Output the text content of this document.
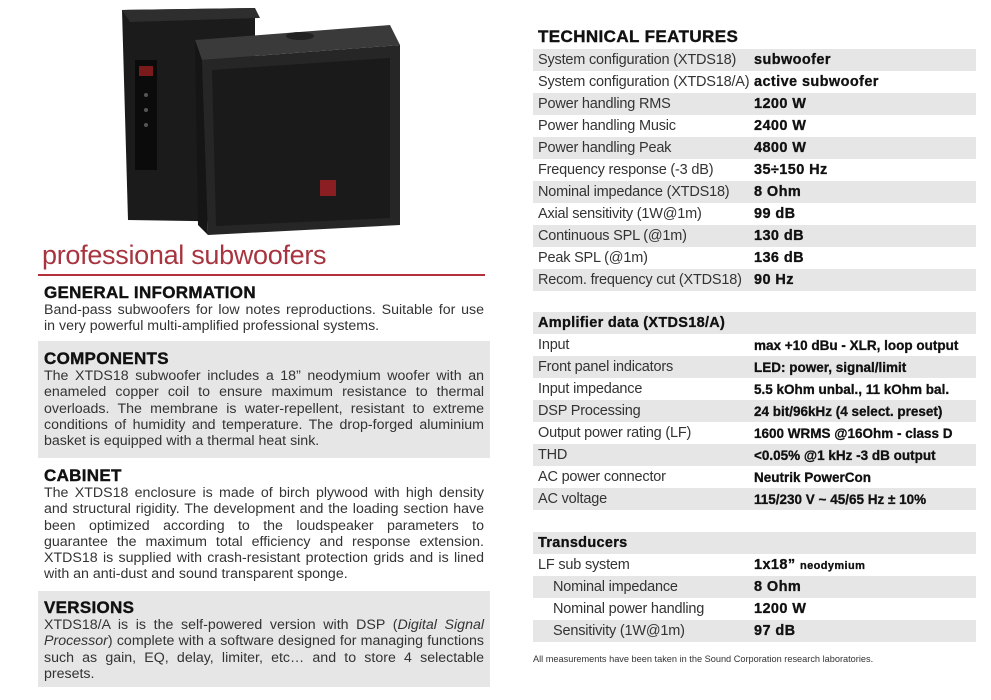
professional subwoofers
GENERAL INFORMATION

Band-pass subwoofers for low notes reproductions. Suitable for use in very powerful multi-amplified professional systems.

COMPONENTS

The XTDS18 subwoofer includes a 18” neodymium woofer with an enameled copper coil to ensure maximum resistance to thermal overloads. The membrane is water-repellent, resistant to extreme conditions of humidity and temperature. The drop-forged aluminium basket is equipped with a thermal heat sink.

CABINET

The XTDS18 enclosure is made of birch plywood with high density and structural rigidity. The development and the loading section have been optimized according to the loudspeaker parameters to guarantee the maximum total efficiency and response extension. XTDS18 is supplied with crash-resistant protection grids and is lined with an anti-dust and sound transparent sponge.

VERSIONS

XTDS18/A is is the self-powered version with DSP (Digital Signal Processor) complete with a software designed for managing functions such as gain, EQ, delay, limiter, etc… and to store 4 selectable presets.

TECHNICAL FEATURES
System configuration (XTDS18)	subwoofer
System configuration (XTDS18/A) active subwoofer
Power handling RMS	1200 W
Power handling Music	2400 W
Power handling Peak	4800 W
Frequency response (-3 dB)	35÷150 Hz
Nominal impedance (XTDS18)	8 Ohm
Axial sensitivity (1W@1m)	99 dB
Continuous SPL (@1m)	130 dB
Peak SPL (@1m)	136 dB
Recom. frequency cut (XTDS18) 90 Hz
Amplifier data (XTDS18/A)
Input	max +10 dBu - XLR, loop output
Front panel indicators	LED: power, signal/limit
Input impedance	5.5 kOhm unbal., 11 kOhm bal.
DSP Processing	24 bit/96kHz (4 select. preset)
Output power rating (LF)	1600 WRMS @16Ohm - class D
THD	<0.05% @1 kHz -3 dB output
AC power connector	Neutrik PowerCon
AC voltage	115/230 V ~ 45/65 Hz ± 10%
Transducers
LF sub system	1x18” neodymium
Nominal impedance	8 Ohm
Nominal power handling	1200 W
Sensitivity (1W@1m)	97 dB
All measurements have been taken in the Sound Corporation research laboratories.
